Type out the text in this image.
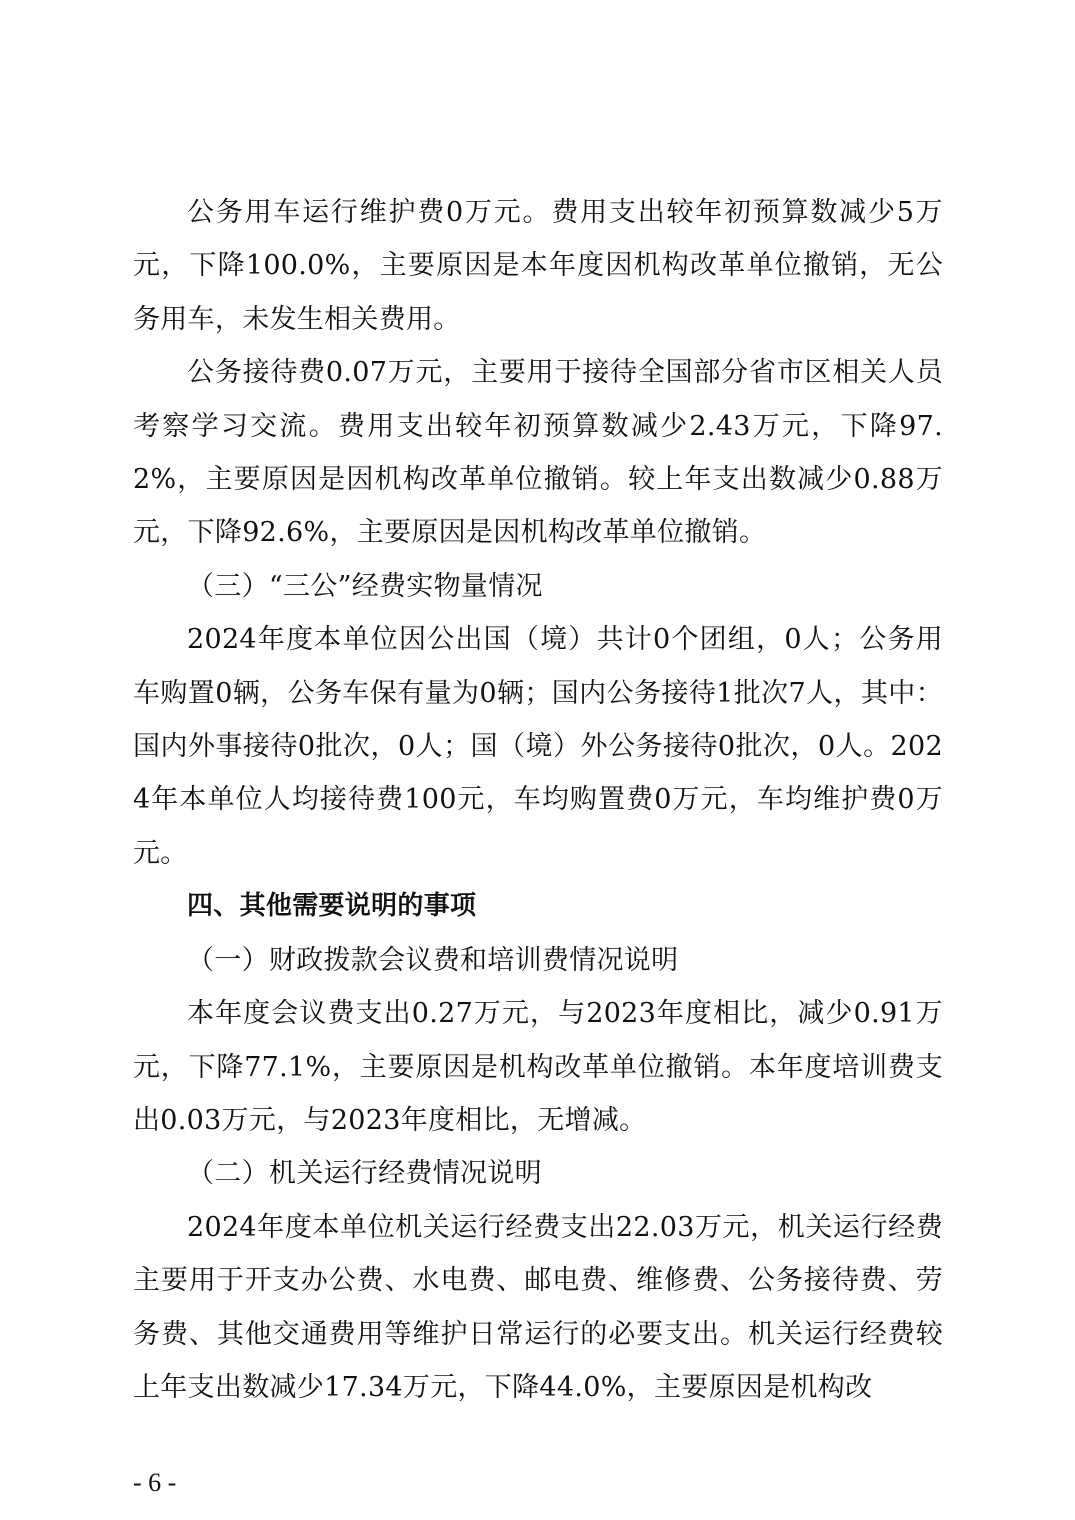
公务用车运行维护费0万元。费用支出较年初预算数减少5万元，下降100.0%，主要原因是本年度因机构改革单位撤销，无公务用车，未发生相关费用。

公务接待费0.07万元，主要用于接待全国部分省市区相关人员考察学习交流。费用支出较年初预算数减少2.43万元，下降97.2%，主要原因是因机构改革单位撤销。较上年支出数减少0.88万元，下降92.6%，主要原因是因机构改革单位撤销。

（三）“三公”经费实物量情况

2024年度本单位因公出国（境）共计0个团组，0人；公务用车购置0辆，公务车保有量为0辆；国内公务接待1批次7人，其中：国内外事接待0批次，0人；国（境）外公务接待0批次，0人。2024年本单位人均接待费100元，车均购置费0万元，车均维护费0万元。

四、其他需要说明的事项

（一）财政拨款会议费和培训费情况说明

本年度会议费支出0.27万元，与2023年度相比，减少0.91万元，下降77.1%，主要原因是机构改革单位撤销。本年度培训费支出0.03万元，与2023年度相比，无增减。

（二）机关运行经费情况说明

2024年度本单位机关运行经费支出22.03万元，机关运行经费主要用于开支办公费、水电费、邮电费、维修费、公务接待费、劳务费、其他交通费用等维护日常运行的必要支出。机关运行经费较上年支出数减少17.34万元，下降44.0%，主要原因是机构改

- 6 -
